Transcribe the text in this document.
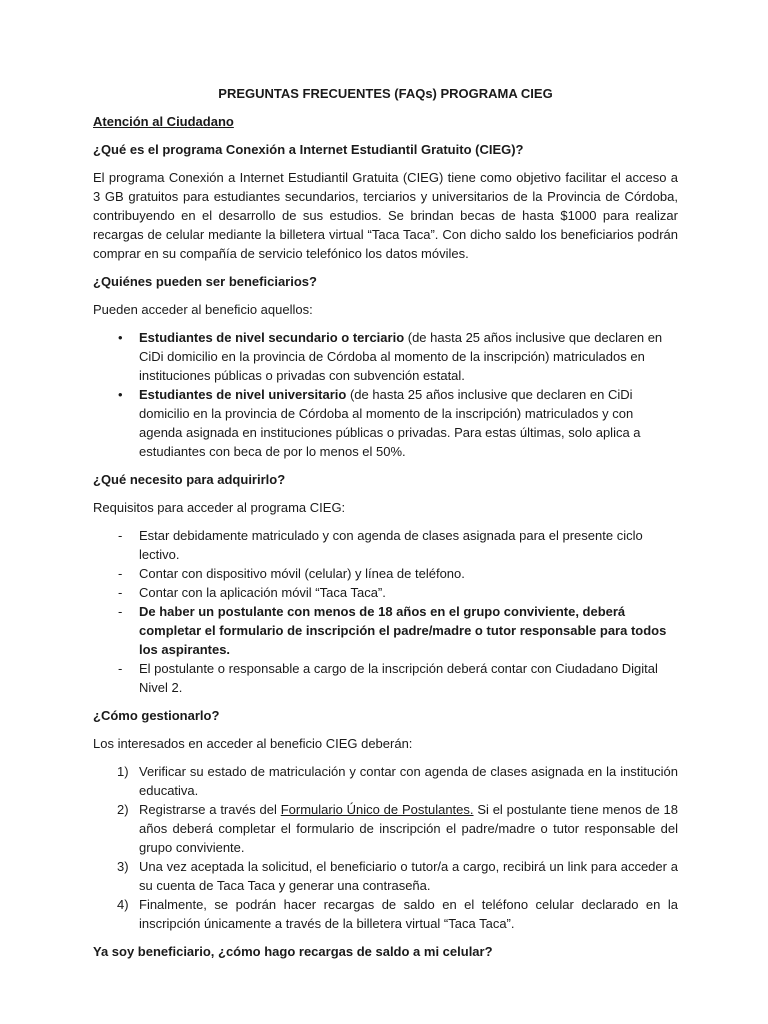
PREGUNTAS FRECUENTES (FAQs) PROGRAMA CIEG
Atención al Ciudadano
¿Qué es el programa Conexión a Internet Estudiantil Gratuito (CIEG)?
El programa Conexión a Internet Estudiantil Gratuita (CIEG) tiene como objetivo facilitar el acceso a 3 GB gratuitos para estudiantes secundarios, terciarios y universitarios de la Provincia de Córdoba, contribuyendo en el desarrollo de sus estudios. Se brindan becas de hasta $1000 para realizar recargas de celular mediante la billetera virtual “Taca Taca”. Con dicho saldo los beneficiarios podrán comprar en su compañía de servicio telefónico los datos móviles.
¿Quiénes pueden ser beneficiarios?
Pueden acceder al beneficio aquellos:
• Estudiantes de nivel secundario o terciario (de hasta 25 años inclusive que declaren en CiDi domicilio en la provincia de Córdoba al momento de la inscripción) matriculados en instituciones públicas o privadas con subvención estatal.
• Estudiantes de nivel universitario (de hasta 25 años inclusive que declaren en CiDi domicilio en la provincia de Córdoba al momento de la inscripción) matriculados y con agenda asignada en instituciones públicas o privadas. Para estas últimas, solo aplica a estudiantes con beca de por lo menos el 50%.
¿Qué necesito para adquirirlo?
Requisitos para acceder al programa CIEG:
- Estar debidamente matriculado y con agenda de clases asignada para el presente ciclo lectivo.
- Contar con dispositivo móvil (celular) y línea de teléfono.
- Contar con la aplicación móvil “Taca Taca”.
- De haber un postulante con menos de 18 años en el grupo conviviente, deberá completar el formulario de inscripción el padre/madre o tutor responsable para todos los aspirantes.
- El postulante o responsable a cargo de la inscripción deberá contar con Ciudadano Digital Nivel 2.
¿Cómo gestionarlo?
Los interesados en acceder al beneficio CIEG deberán:
1) Verificar su estado de matriculación y contar con agenda de clases asignada en la institución educativa.
2) Registrarse a través del Formulario Único de Postulantes. Si el postulante tiene menos de 18 años deberá completar el formulario de inscripción el padre/madre o tutor responsable del grupo conviviente.
3) Una vez aceptada la solicitud, el beneficiario o tutor/a a cargo, recibirá un link para acceder a su cuenta de Taca Taca y generar una contraseña.
4) Finalmente, se podrán hacer recargas de saldo en el teléfono celular declarado en la inscripción únicamente a través de la billetera virtual “Taca Taca”.
Ya soy beneficiario, ¿cómo hago recargas de saldo a mi celular?
